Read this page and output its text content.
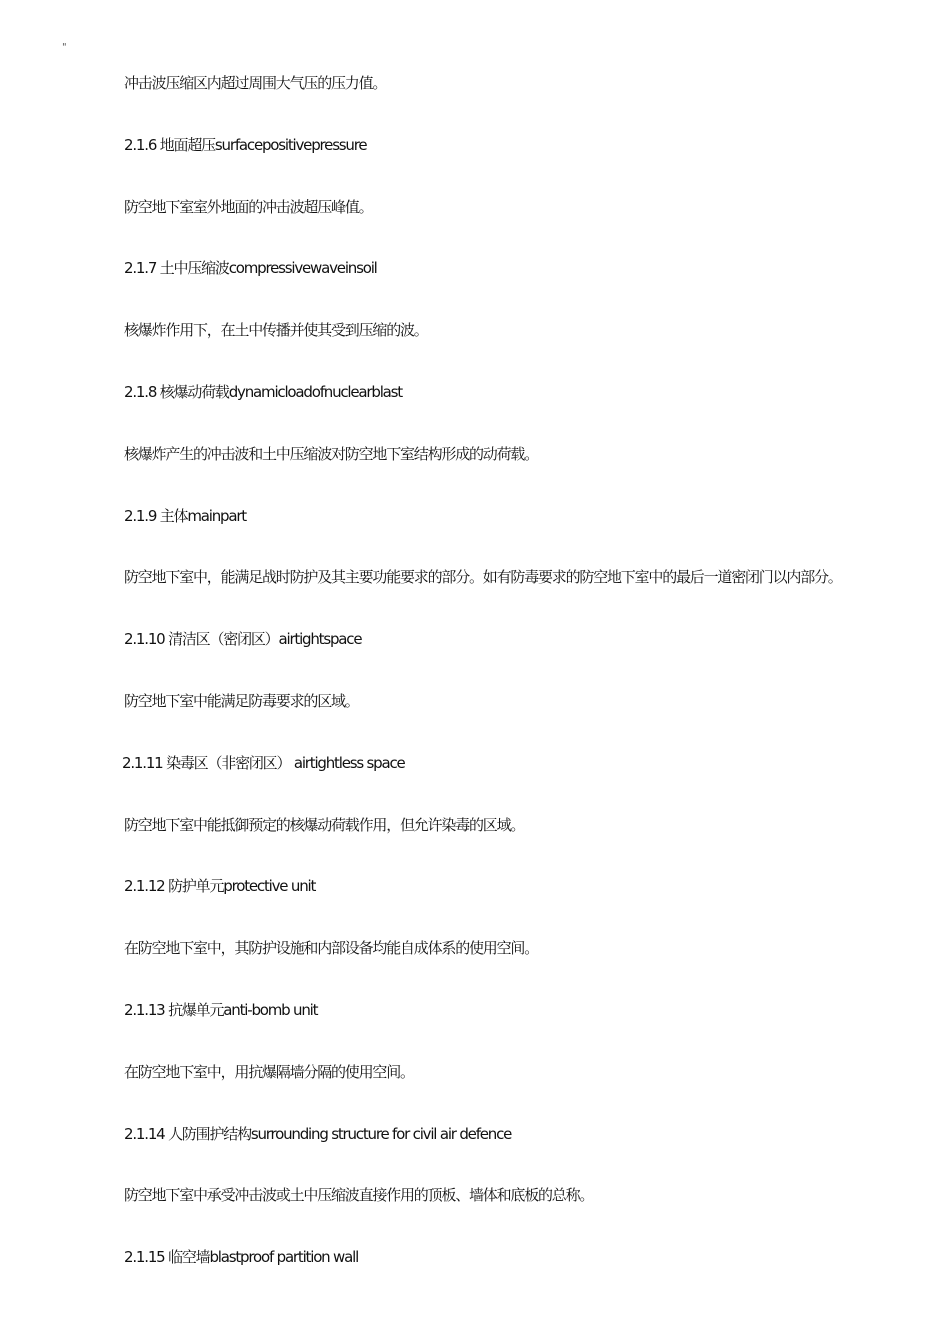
"
冲击波压缩区内超过周围大气压的压力值。
2.1.6 地面超压surfacepositivepressure
防空地下室室外地面的冲击波超压峰值。
2.1.7 土中压缩波compressivewaveinsoil
核爆炸作用下，在土中传播并使其受到压缩的波。
2.1.8 核爆动荷载dynamicloadofnuclearblast
核爆炸产生的冲击波和土中压缩波对防空地下室结构形成的动荷载。
2.1.9 主体mainpart
防空地下室中，能满足战时防护及其主要功能要求的部分。如有防毒要求的防空地下室中的最后一道密闭门以内部分。
2.1.10 清洁区（密闭区）airtightspace
防空地下室中能满足防毒要求的区域。
2.1.11 染毒区（非密闭区） airtightless space
防空地下室中能抵御预定的核爆动荷载作用，但允许染毒的区域。
2.1.12 防护单元protective unit
在防空地下室中，其防护设施和内部设备均能自成体系的使用空间。
2.1.13 抗爆单元anti-bomb unit
在防空地下室中，用抗爆隔墙分隔的使用空间。
2.1.14 人防围护结构surrounding structure for civil air defence
防空地下室中承受冲击波或土中压缩波直接作用的顶板、墙体和底板的总称。
2.1.15 临空墙blastproof partition wall
